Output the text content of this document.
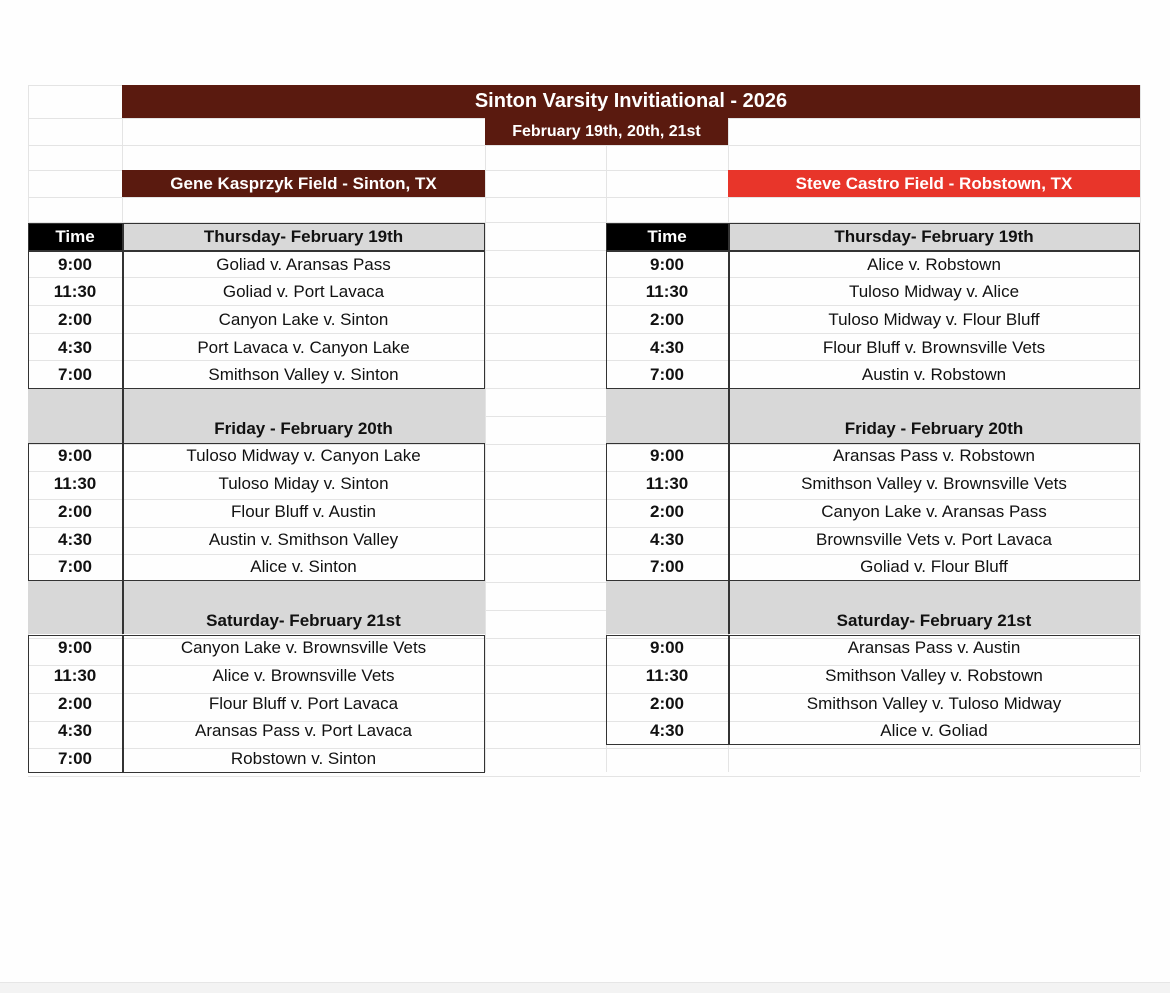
Sinton Varsity Invitiational - 2026
February 19th, 20th, 21st
Gene Kasprzyk Field - Sinton, TX	Steve Castro Field - Robstown, TX
Time	Thursday- February 19th
9:00	Goliad v. Aransas Pass
11:30	Goliad v. Port Lavaca
2:00	Canyon Lake v. Sinton
4:30	Port Lavaca v. Canyon Lake
7:00	Smithson Valley v. Sinton
Friday - February 20th
9:00	Tuloso Midway v. Canyon Lake
11:30	Tuloso Miday v. Sinton
2:00	Flour Bluff v. Austin
4:30	Austin v. Smithson Valley
7:00	Alice v. Sinton
Saturday- February 21st
9:00	Canyon Lake v. Brownsville Vets
11:30	Alice v. Brownsville Vets
2:00	Flour Bluff v. Port Lavaca
4:30	Aransas Pass v. Port Lavaca
7:00	Robstown v. Sinton
Time	Thursday- February 19th
9:00	Alice v. Robstown
11:30	Tuloso Midway v. Alice
2:00	Tuloso Midway v. Flour Bluff
4:30	Flour Bluff v. Brownsville Vets
7:00	Austin v. Robstown
Friday - February 20th
9:00	Aransas Pass v. Robstown
11:30	Smithson Valley v. Brownsville Vets
2:00	Canyon Lake v. Aransas Pass
4:30	Brownsville Vets v. Port Lavaca
7:00	Goliad v. Flour Bluff
Saturday- February 21st
9:00	Aransas Pass v. Austin
11:30	Smithson Valley v. Robstown
2:00	Smithson Valley v. Tuloso Midway
4:30	Alice v. Goliad
